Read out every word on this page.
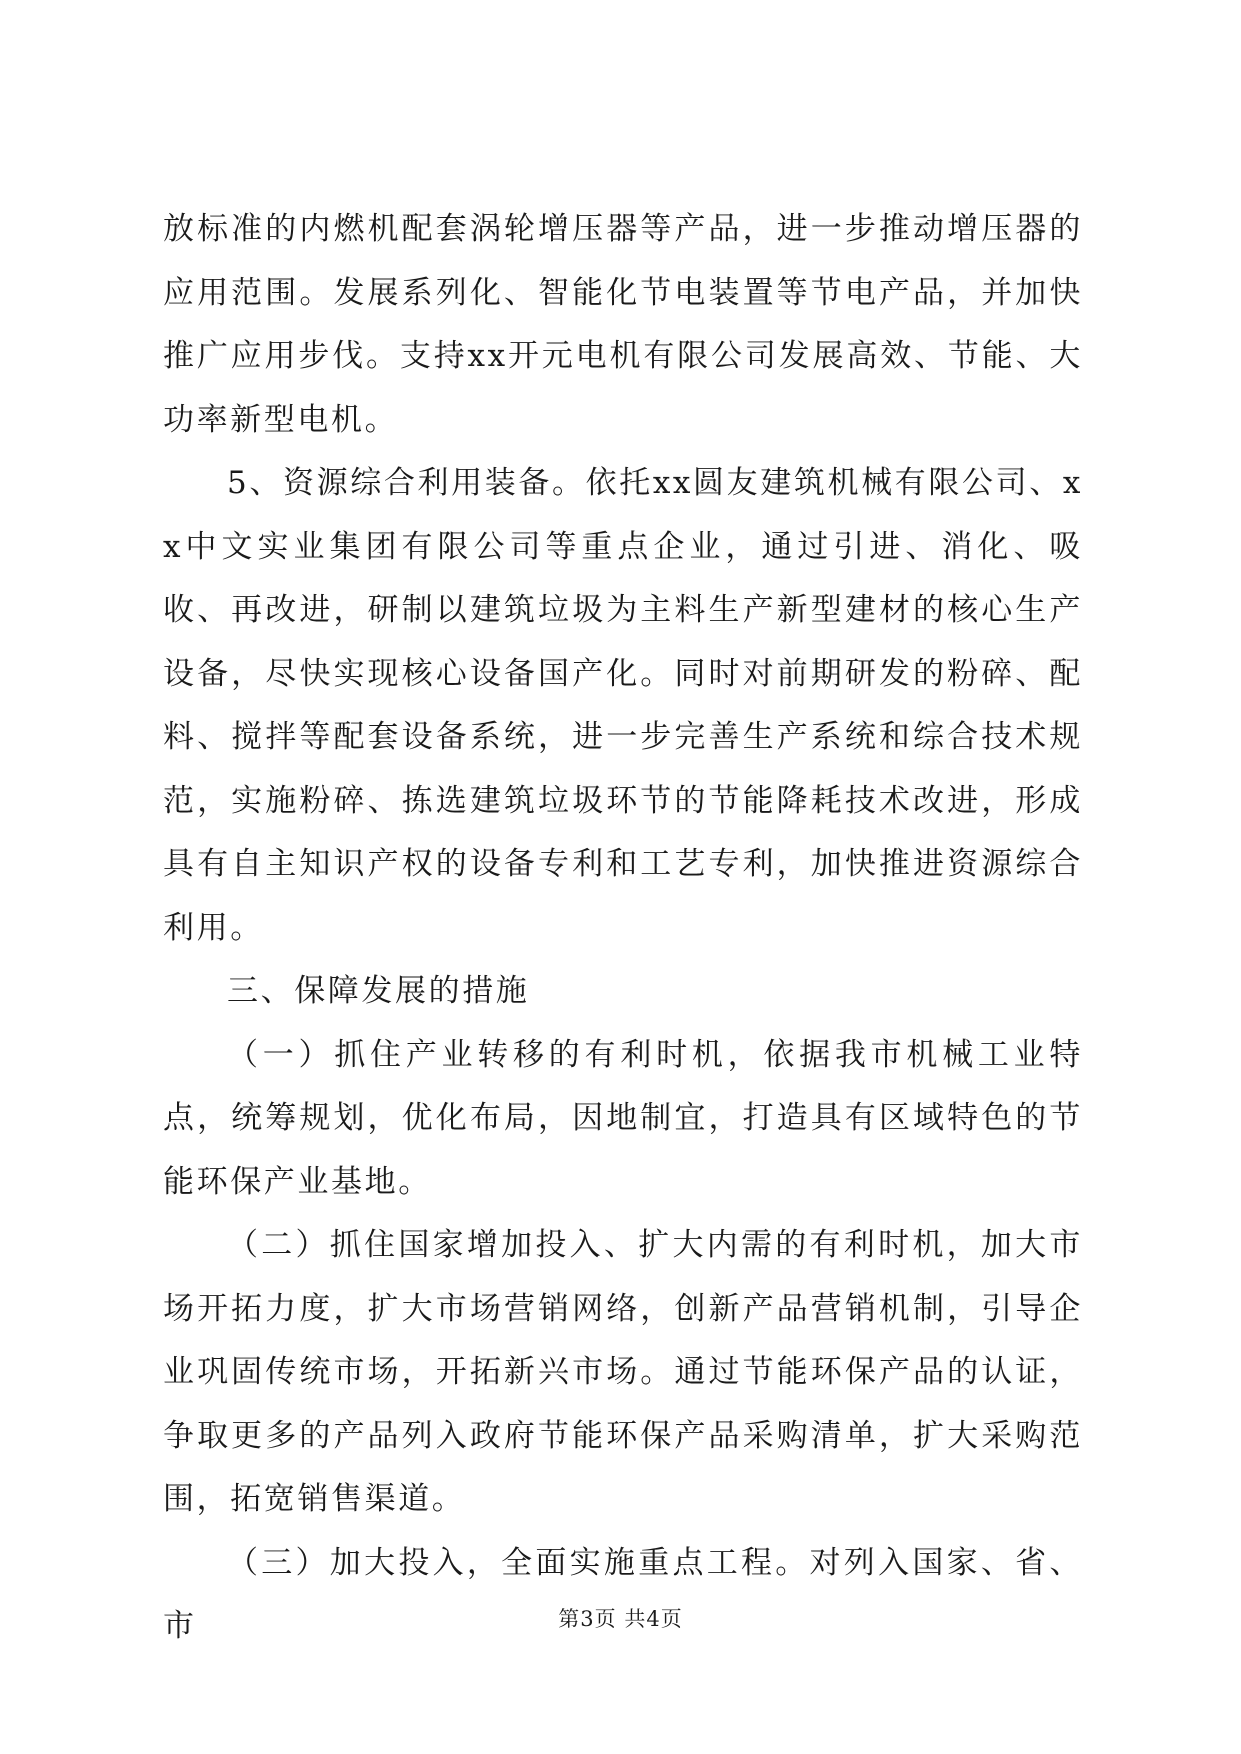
放标准的内燃机配套涡轮增压器等产品，进一步推动增压器的应用范围。发展系列化、智能化节电装置等节电产品，并加快推广应用步伐。支持xx开元电机有限公司发展高效、节能、大功率新型电机。

5、资源综合利用装备。依托xx圆友建筑机械有限公司、xx中文实业集团有限公司等重点企业，通过引进、消化、吸收、再改进，研制以建筑垃圾为主料生产新型建材的核心生产设备，尽快实现核心设备国产化。同时对前期研发的粉碎、配料、搅拌等配套设备系统，进一步完善生产系统和综合技术规范，实施粉碎、拣选建筑垃圾环节的节能降耗技术改进，形成具有自主知识产权的设备专利和工艺专利，加快推进资源综合利用。

三、保障发展的措施

（一）抓住产业转移的有利时机，依据我市机械工业特点，统筹规划，优化布局，因地制宜，打造具有区域特色的节能环保产业基地。

（二）抓住国家增加投入、扩大内需的有利时机，加大市场开拓力度，扩大市场营销网络，创新产品营销机制，引导企业巩固传统市场，开拓新兴市场。通过节能环保产品的认证，争取更多的产品列入政府节能环保产品采购清单，扩大采购范围，拓宽销售渠道。

（三）加大投入，全面实施重点工程。对列入国家、省、市	第3页 共4页
